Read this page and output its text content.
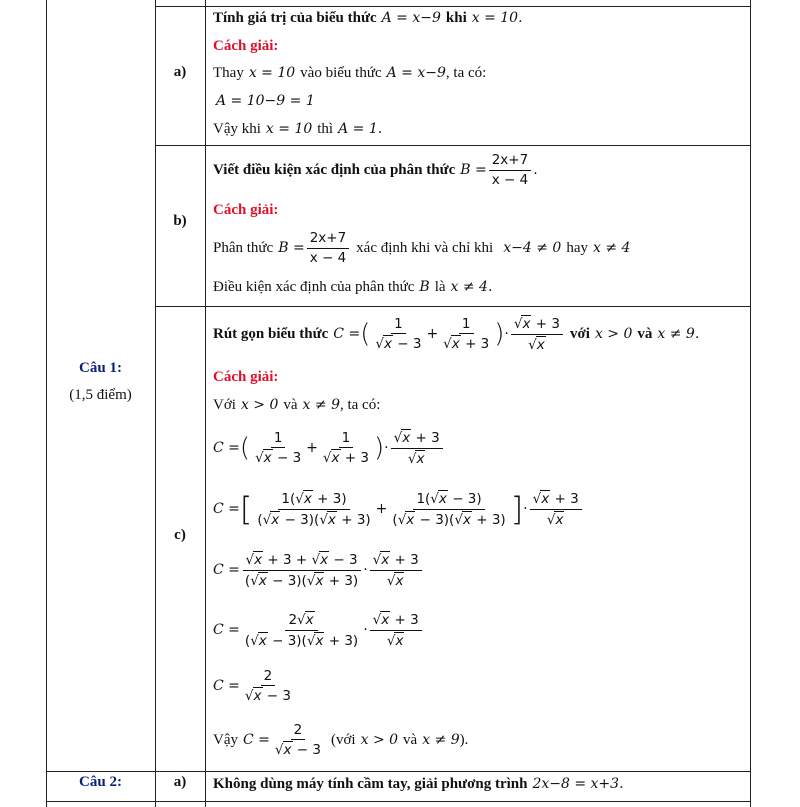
Câu 1:
(1,5 điểm)
Câu 2:
a)
b)
c)
a)
Tính giá trị của biểu thức A = x−9 khi x = 10.
Cách giải:
Thay x = 10 vào biểu thức A = x−9 , ta có:
A = 10−9 = 1
Vậy khi x = 10 thì A = 1.
Viết điều kiện xác định của phân thức $B = \frac{2x+7}{x - 4}$ .
Cách giải:
Phân thức $B = \frac{2x+7}{x - 4}$ xác định khi và chỉ khi x−4 ≠ 0 hay x ≠ 4
Điều kiện xác định của phân thức B là x ≠ 4.
Rút gọn biểu thức C = ( $\frac{1}{√x - 3} + \frac{1}{√x + 3}$ ) · $\frac{√x + 3}{√x}$ với x > 0 và x ≠ 9.
Cách giải:
Với x > 0 và x ≠ 9 , ta có:
C = ( $\frac{1}{√x - 3} + \frac{1}{√x + 3}$ ) · $\frac{√x + 3}{√x}$
C = [ $\frac{1(√x + 3)}{(√x - 3)(√x + 3)} + \frac{1(√x - 3)}{(√x - 3)(√x + 3)}$ ] · $\frac{√x + 3}{√x}$
$C = \frac{√x + 3 + √x - 3}{(√x - 3)(√x + 3)} \cdot \frac{√x + 3}{√x}$
$C = \frac{2√x}{(√x - 3)(√x + 3)} \cdot \frac{√x + 3}{√x}$
$C = \frac{2}{√x - 3}$
Vậy $C = \frac{2}{√x - 3}$ (với x > 0 và x ≠ 9 ).
Không dùng máy tính cầm tay, giải phương trình 2x−8 = x+3.
